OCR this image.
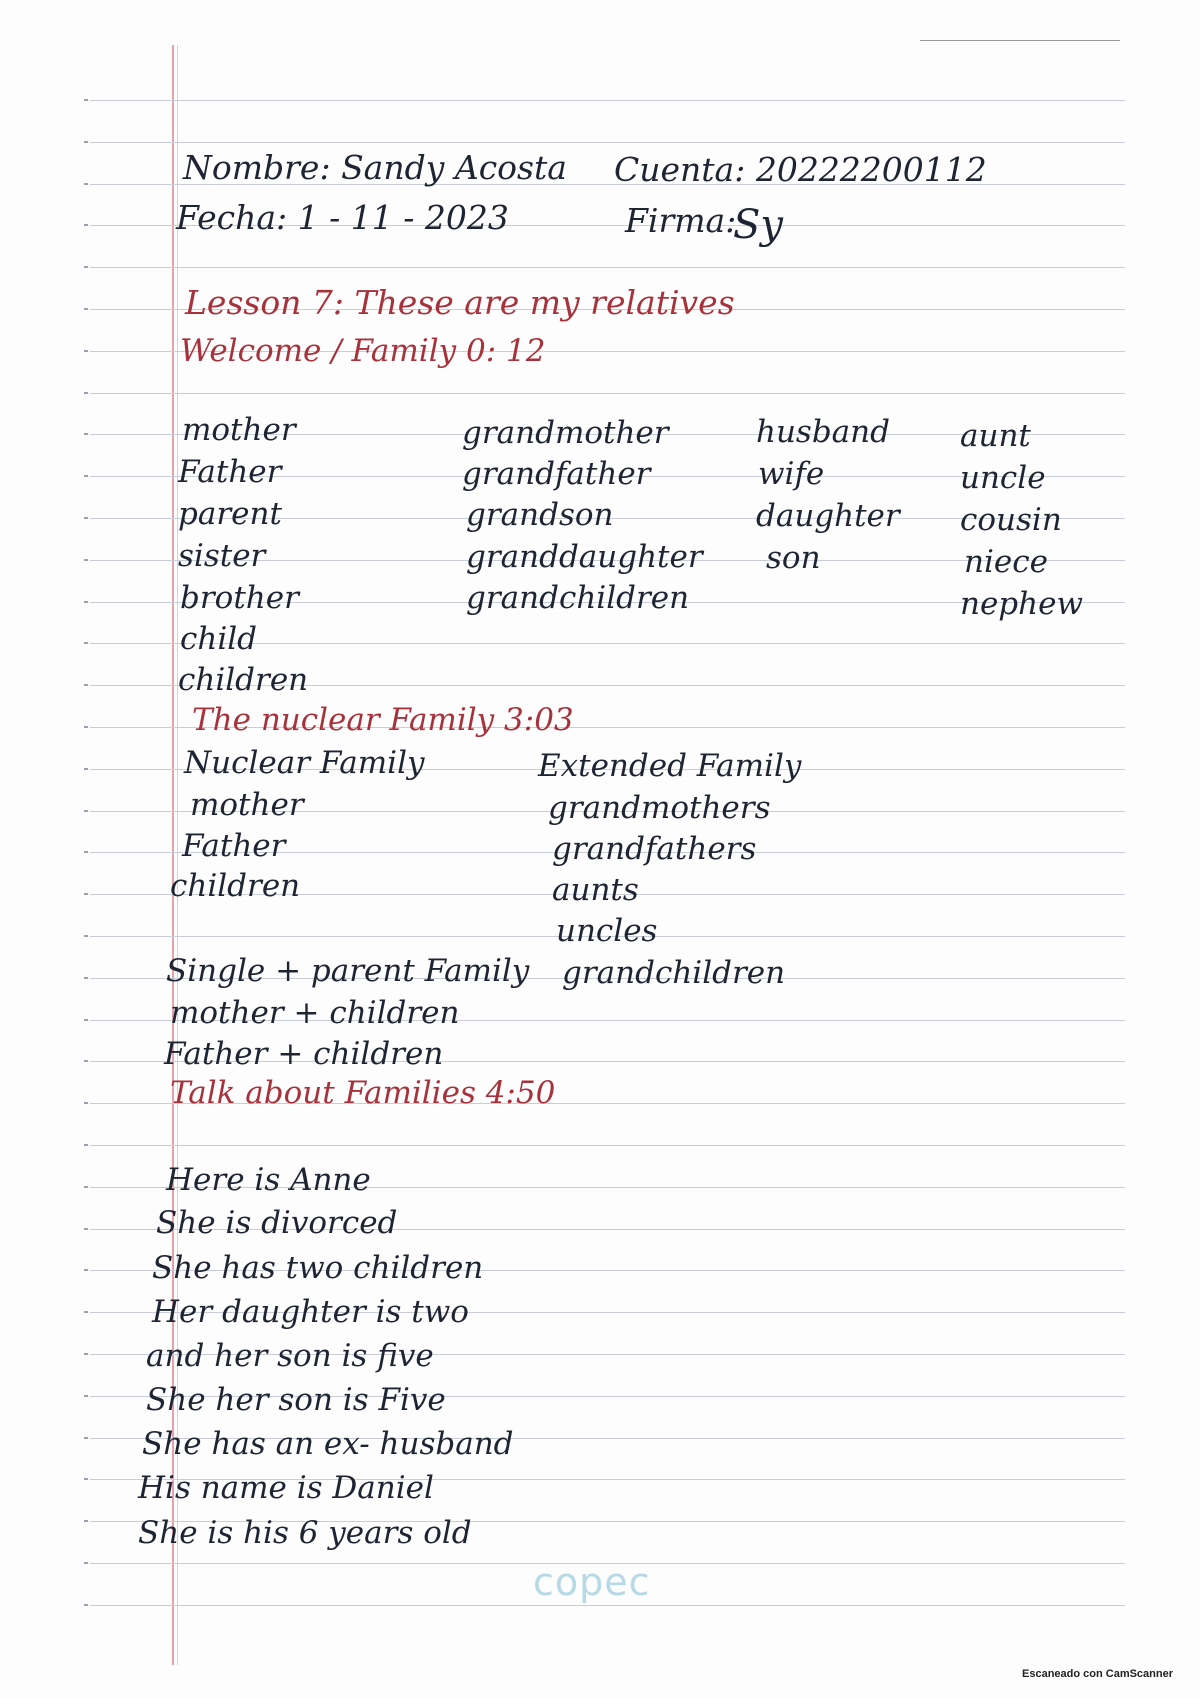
Nombre: Sandy Acosta Cuenta: 20222200112
Fecha: 1 - 11 - 2023	Firma:
Sy
Lesson 7: These are my relatives
Welcome / Family 0: 12
mother
Father
parent
sister
brother
child
children
grandmother
grandfather
grandson
granddaughter
grandchildren
husband
wife
daughter
son
aunt
uncle
cousin
niece
nephew
The nuclear Family 3:03
Nuclear Family
mother
Father
children
Extended Family
grandmothers
grandfathers
aunts
uncles
grandchildren
Single + parent Family
mother + children
Father + children
Talk about Families 4:50
Here is Anne
She is divorced
She has two children
Her daughter is two
and her son is five
She her son is Five
She has an ex- husband
His name is Daniel
She is his 6 years old
copec
Escaneado con CamScanner
